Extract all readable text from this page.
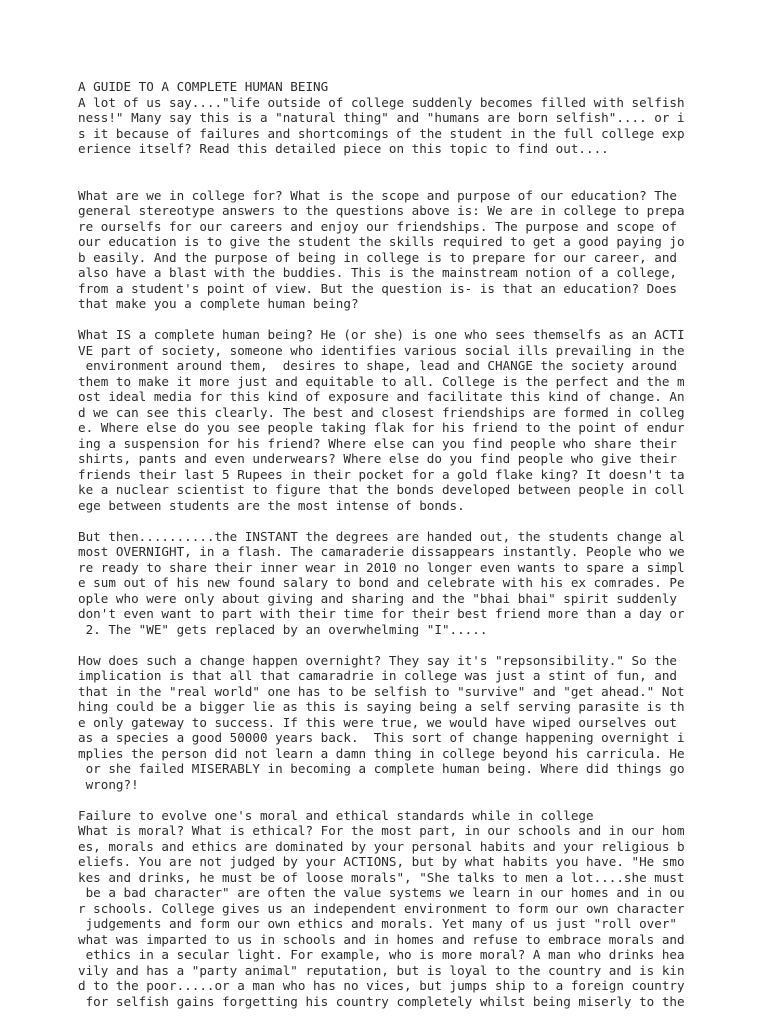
A GUIDE TO A COMPLETE HUMAN BEING
A lot of us say...."life outside of college suddenly becomes filled with selfish
ness!" Many say this is a "natural thing" and "humans are born selfish".... or i
s it because of failures and shortcomings of the student in the full college exp
erience itself? Read this detailed piece on this topic to find out....
What are we in college for? What is the scope and purpose of our education? The
general stereotype answers to the questions above is: We are in college to prepa
re ourselfs for our careers and enjoy our friendships. The purpose and scope of
our education is to give the student the skills required to get a good paying jo
b easily. And the purpose of being in college is to prepare for our career, and
also have a blast with the buddies. This is the mainstream notion of a college,
from a student's point of view. But the question is- is that an education? Does
that make you a complete human being?
What IS a complete human being? He (or she) is one who sees themselfs as an ACTI
VE part of society, someone who identifies various social ills prevailing in the
environment around them,  desires to shape, lead and CHANGE the society around
them to make it more just and equitable to all. College is the perfect and the m
ost ideal media for this kind of exposure and facilitate this kind of change. An
d we can see this clearly. The best and closest friendships are formed in colleg
e. Where else do you see people taking flak for his friend to the point of endur
ing a suspension for his friend? Where else can you find people who share their
shirts, pants and even underwears? Where else do you find people who give their
friends their last 5 Rupees in their pocket for a gold flake king? It doesn't ta
ke a nuclear scientist to figure that the bonds developed between people in coll
ege between students are the most intense of bonds.
But then..........the INSTANT the degrees are handed out, the students change al
most OVERNIGHT, in a flash. The camaraderie dissappears instantly. People who we
re ready to share their inner wear in 2010 no longer even wants to spare a simpl
e sum out of his new found salary to bond and celebrate with his ex comrades. Pe
ople who were only about giving and sharing and the "bhai bhai" spirit suddenly
don't even want to part with their time for their best friend more than a day or
2. The "WE" gets replaced by an overwhelming "I".....
How does such a change happen overnight? They say it's "repsonsibility." So the
implication is that all that camaradrie in college was just a stint of fun, and
that in the "real world" one has to be selfish to "survive" and "get ahead." Not
hing could be a bigger lie as this is saying being a self serving parasite is th
e only gateway to success. If this were true, we would have wiped ourselves out
as a species a good 50000 years back.  This sort of change happening overnight i
mplies the person did not learn a damn thing in college beyond his carricula. He
or she failed MISERABLY in becoming a complete human being. Where did things go
wrong?!
Failure to evolve one's moral and ethical standards while in college
What is moral? What is ethical? For the most part, in our schools and in our hom
es, morals and ethics are dominated by your personal habits and your religious b
eliefs. You are not judged by your ACTIONS, but by what habits you have. "He smo
kes and drinks, he must be of loose morals", "She talks to men a lot....she must
be a bad character" are often the value systems we learn in our homes and in ou
r schools. College gives us an independent environment to form our own character
judgements and form our own ethics and morals. Yet many of us just "roll over"
what was imparted to us in schools and in homes and refuse to embrace morals and
ethics in a secular light. For example, who is more moral? A man who drinks hea
vily and has a "party animal" reputation, but is loyal to the country and is kin
d to the poor.....or a man who has no vices, but jumps ship to a foreign country
for selfish gains forgetting his country completely whilst being miserly to the
